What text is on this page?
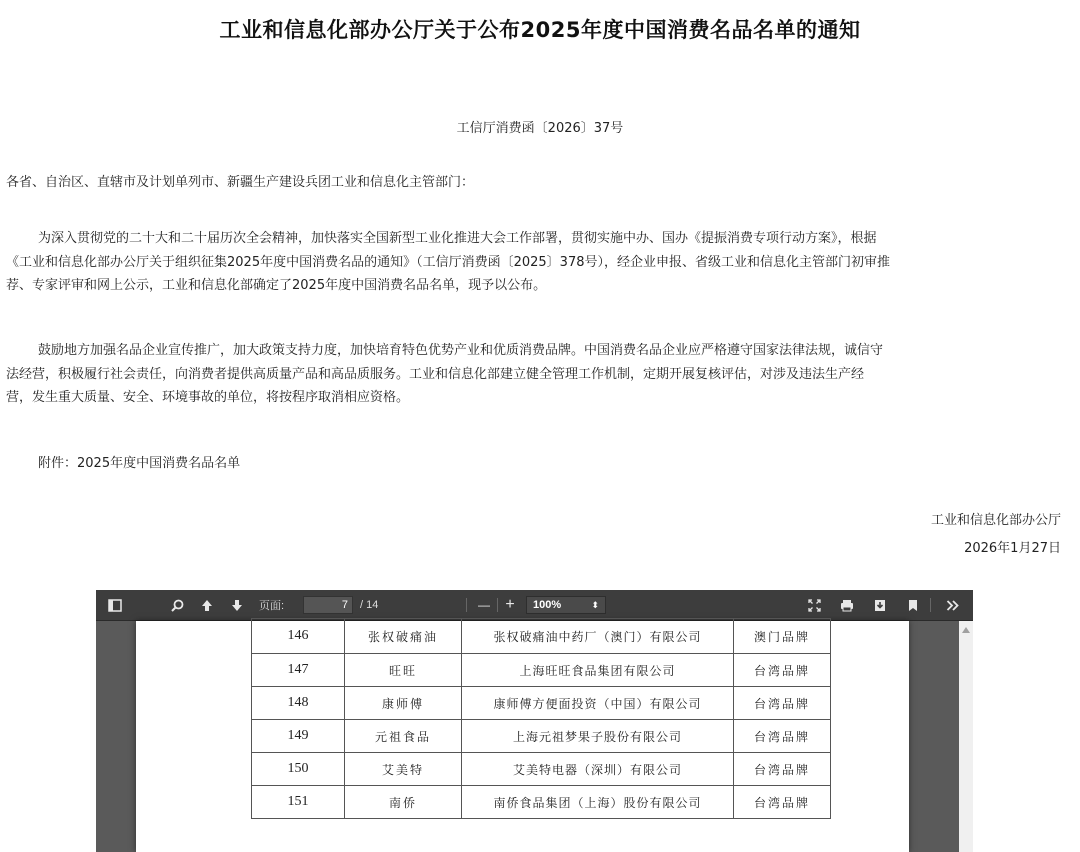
工业和信息化部办公厅关于公布2025年度中国消费名品名单的通知
工信厅消费函〔2026〕37号
各省、自治区、直辖市及计划单列市、新疆生产建设兵团工业和信息化主管部门：
为深入贯彻党的二十大和二十届历次全会精神，加快落实全国新型工业化推进大会工作部署，贯彻实施中办、国办《提振消费专项行动方案》，根据
《工业和信息化部办公厅关于组织征集2025年度中国消费名品的通知》（工信厅消费函〔2025〕378号），经企业申报、省级工业和信息化主管部门初审推
荐、专家评审和网上公示，工业和信息化部确定了2025年度中国消费名品名单，现予以公布。
鼓励地方加强名品企业宣传推广，加大政策支持力度，加快培育特色优势产业和优质消费品牌。中国消费名品企业应严格遵守国家法律法规，诚信守
法经营，积极履行社会责任，向消费者提供高质量产品和高品质服务。工业和信息化部建立健全管理工作机制，定期开展复核评估，对涉及违法生产经
营，发生重大质量、安全、环境事故的单位，将按程序取消相应资格。
附件：2025年度中国消费名品名单
工业和信息化部办公厅
2026年1月27日
页面:	7	/ 14	— +	100%	⬍
146	张权破痛油	张权破痛油中药厂（澳门）有限公司	澳门品牌
147	旺旺	上海旺旺食品集团有限公司	台湾品牌
148	康师傅	康师傅方便面投资（中国）有限公司	台湾品牌
149	元祖食品	上海元祖梦果子股份有限公司	台湾品牌
150	艾美特	艾美特电器（深圳）有限公司	台湾品牌
151	南侨	南侨食品集团（上海）股份有限公司	台湾品牌
